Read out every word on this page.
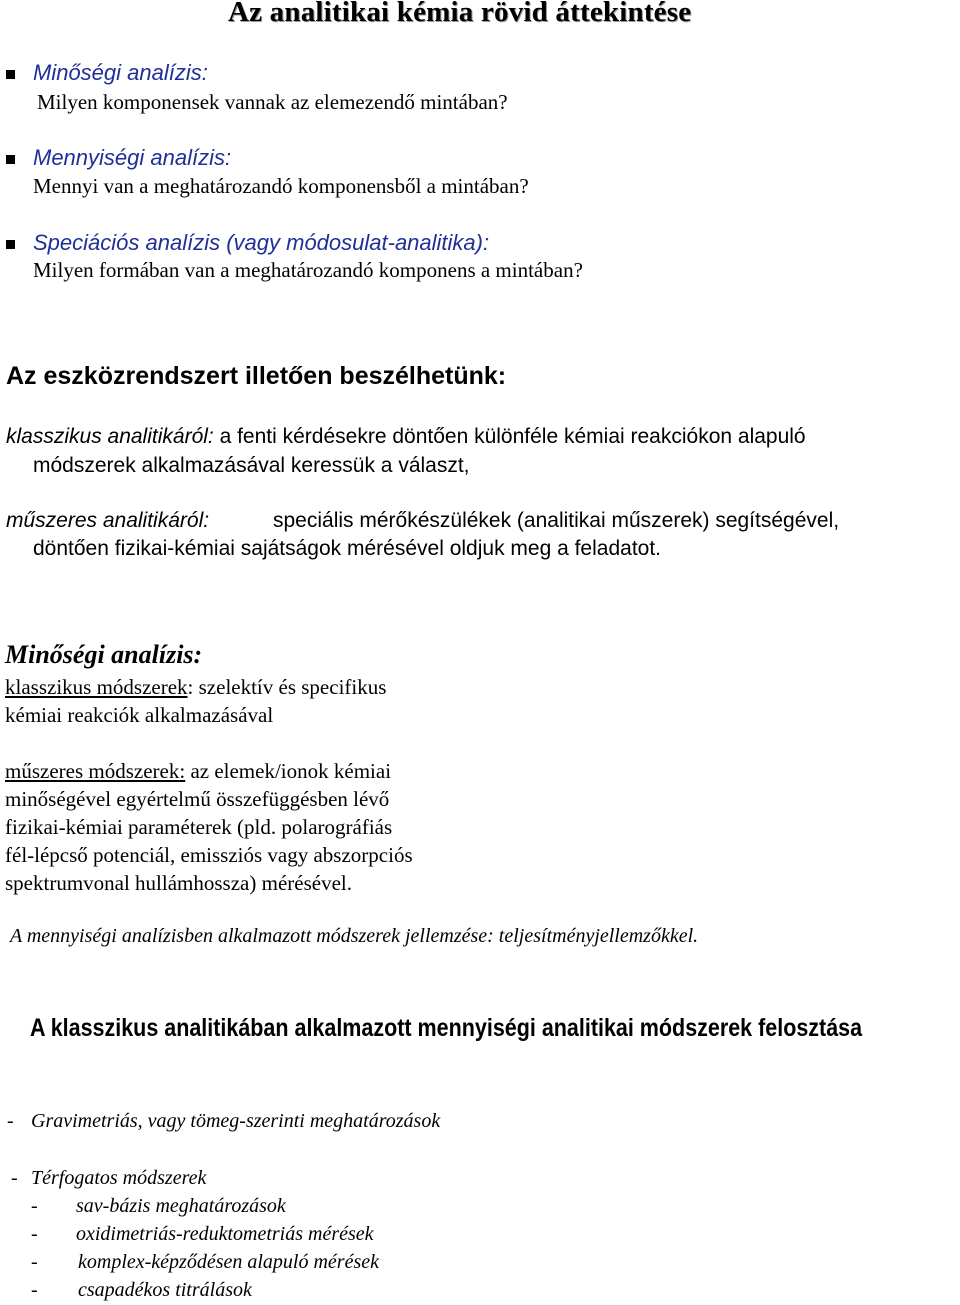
Az analitikai kémia rövid áttekintése
Minőségi analízis:
Milyen komponensek vannak az elemezendő mintában?
Mennyiségi analízis:
Mennyi van a meghatározandó komponensből a mintában?
Speciációs analízis (vagy módosulat-analitika):
Milyen formában van a meghatározandó komponens a mintában?
Az eszközrendszert illetően beszélhetünk:
klasszikus analitikáról: a fenti kérdésekre döntően különféle kémiai reakciókon alapuló
módszerek alkalmazásával keressük a választ,
műszeres analitikáról:	speciális mérőkészülékek (analitikai műszerek) segítségével,
döntően fizikai-kémiai sajátságok mérésével oldjuk meg a feladatot.
Minőségi analízis:
klasszikus módszerek: szelektív és specifikus
kémiai reakciók alkalmazásával
műszeres módszerek: az elemek/ionok kémiai
minőségével egyértelmű összefüggésben lévő
fizikai-kémiai paraméterek (pld. polarográfiás
fél-lépcső potenciál, emissziós vagy abszorpciós
spektrumvonal hullámhossza) mérésével.
A mennyiségi analízisben alkalmazott módszerek jellemzése: teljesítményjellemzőkkel.
A klasszikus analitikában alkalmazott mennyiségi analitikai módszerek felosztása
- Gravimetriás, vagy tömeg-szerinti meghatározások
- Térfogatos módszerek
- sav-bázis meghatározások
- oxidimetriás-reduktometriás mérések
- komplex-képződésen alapuló mérések
- csapadékos titrálások
